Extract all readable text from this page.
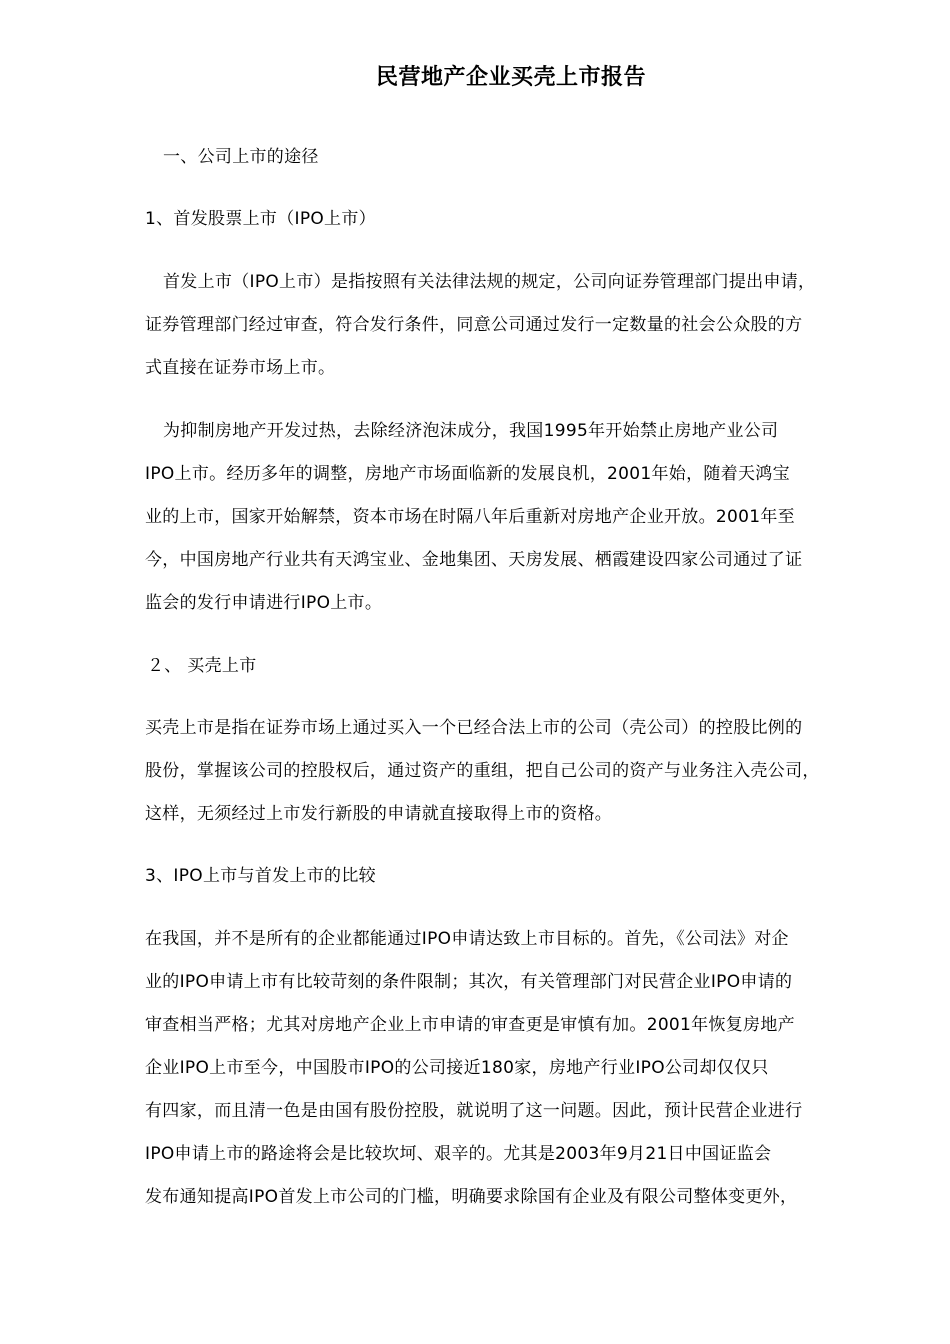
民营地产企业买壳上市报告
一、公司上市的途径
1、首发股票上市（IPO上市）
首发上市（IPO上市）是指按照有关法律法规的规定，公司向证券管理部门提出申请，
证券管理部门经过审查，符合发行条件，同意公司通过发行一定数量的社会公众股的方
式直接在证券市场上市。
为抑制房地产开发过热，去除经济泡沫成分，我国1995年开始禁止房地产业公司
IPO上市。经历多年的调整，房地产市场面临新的发展良机，2001年始，随着天鸿宝
业的上市，国家开始解禁，资本市场在时隔八年后重新对房地产企业开放。2001年至
今，中国房地产行业共有天鸿宝业、金地集团、天房发展、栖霞建设四家公司通过了证
监会的发行申请进行IPO上市。
２、 买壳上市
买壳上市是指在证券市场上通过买入一个已经合法上市的公司（壳公司）的控股比例的
股份，掌握该公司的控股权后，通过资产的重组，把自己公司的资产与业务注入壳公司，
这样，无须经过上市发行新股的申请就直接取得上市的资格。
3、IPO上市与首发上市的比较
在我国，并不是所有的企业都能通过IPO申请达致上市目标的。首先，《公司法》对企
业的IPO申请上市有比较苛刻的条件限制；其次，有关管理部门对民营企业IPO申请的
审查相当严格；尤其对房地产企业上市申请的审查更是审慎有加。2001年恢复房地产
企业IPO上市至今，中国股市IPO的公司接近180家，房地产行业IPO公司却仅仅只
有四家，而且清一色是由国有股份控股，就说明了这一问题。因此，预计民营企业进行
IPO申请上市的路途将会是比较坎坷、艰辛的。尤其是2003年9月21日中国证监会
发布通知提高IPO首发上市公司的门槛，明确要求除国有企业及有限公司整体变更外，
